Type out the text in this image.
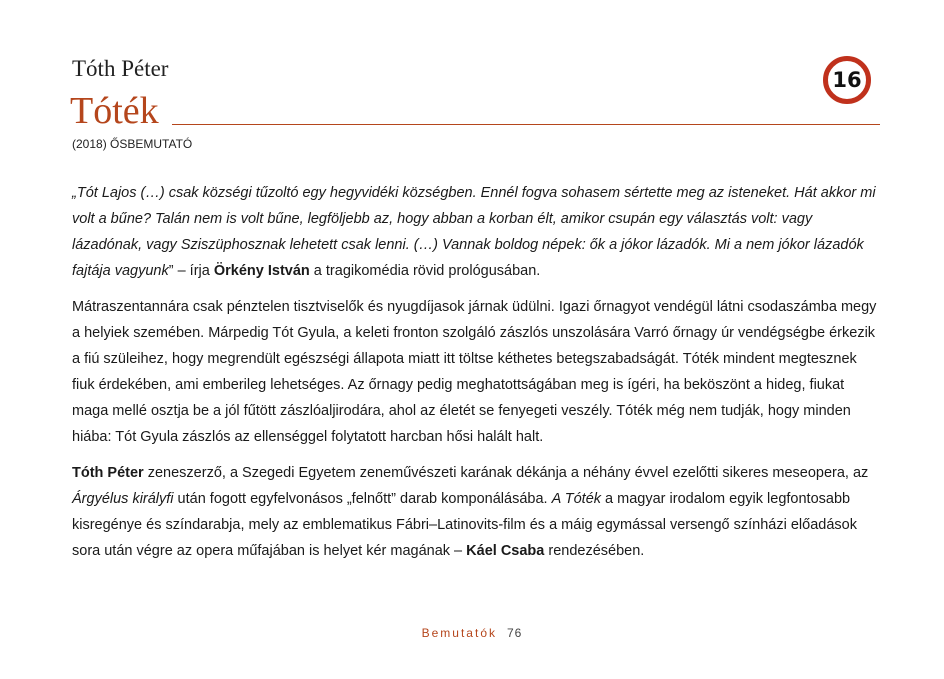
Tóth Péter
Tóték
16
(2018) ŐSBEMUTATÓ

„Tót Lajos (…) csak községi tűzoltó egy hegyvidéki községben. Ennél fogva sohasem sértette meg az isteneket. Hát akkor mi volt a bűne? Talán nem is volt bűne, legföljebb az, hogy abban a korban élt, amikor csupán egy választás volt: vagy lázadónak, vagy Sziszüphosznak lehetett csak lenni. (…) Vannak boldog népek: ők a jókor lázadók. Mi a nem jókor lázadók fajtája vagyunk” – írja Örkény István a tragikomédia rövid prológusában.

Mátraszentannára csak pénztelen tisztviselők és nyugdíjasok járnak üdülni. Igazi őrnagyot vendégül látni csodaszámba megy a helyiek szemében. Márpedig Tót Gyula, a keleti fronton szolgáló zászlós unszolására Varró őrnagy úr vendégségbe érkezik a fiú szüleihez, hogy megrendült egészségi állapota miatt itt töltse kéthetes betegszabadságát. Tóték mindent megtesznek fiuk érdekében, ami emberileg lehetséges. Az őrnagy pedig meghatottságában meg is ígéri, ha beköszönt a hideg, fiukat maga mellé osztja be a jól fűtött zászlóaljirodára, ahol az életét se fenyegeti veszély. Tóték még nem tudják, hogy minden hiába: Tót Gyula zászlós az ellenséggel folytatott harcban hősi halált halt.

Tóth Péter zeneszerző, a Szegedi Egyetem zeneművészeti karának dékánja a néhány évvel ezelőtti sikeres meseopera, az Árgyélus királyfi után fogott egyfelvonásos „felnőtt” darab komponálásába. A Tóték a magyar irodalom egyik legfontosabb kisregénye és színdarabja, mely az emblematikus Fábri–Latinovits-film és a máig egymással versengő színházi előadások sora után végre az opera műfajában is helyet kér magának – Káel Csaba rendezésében.

Bemutatók 76
